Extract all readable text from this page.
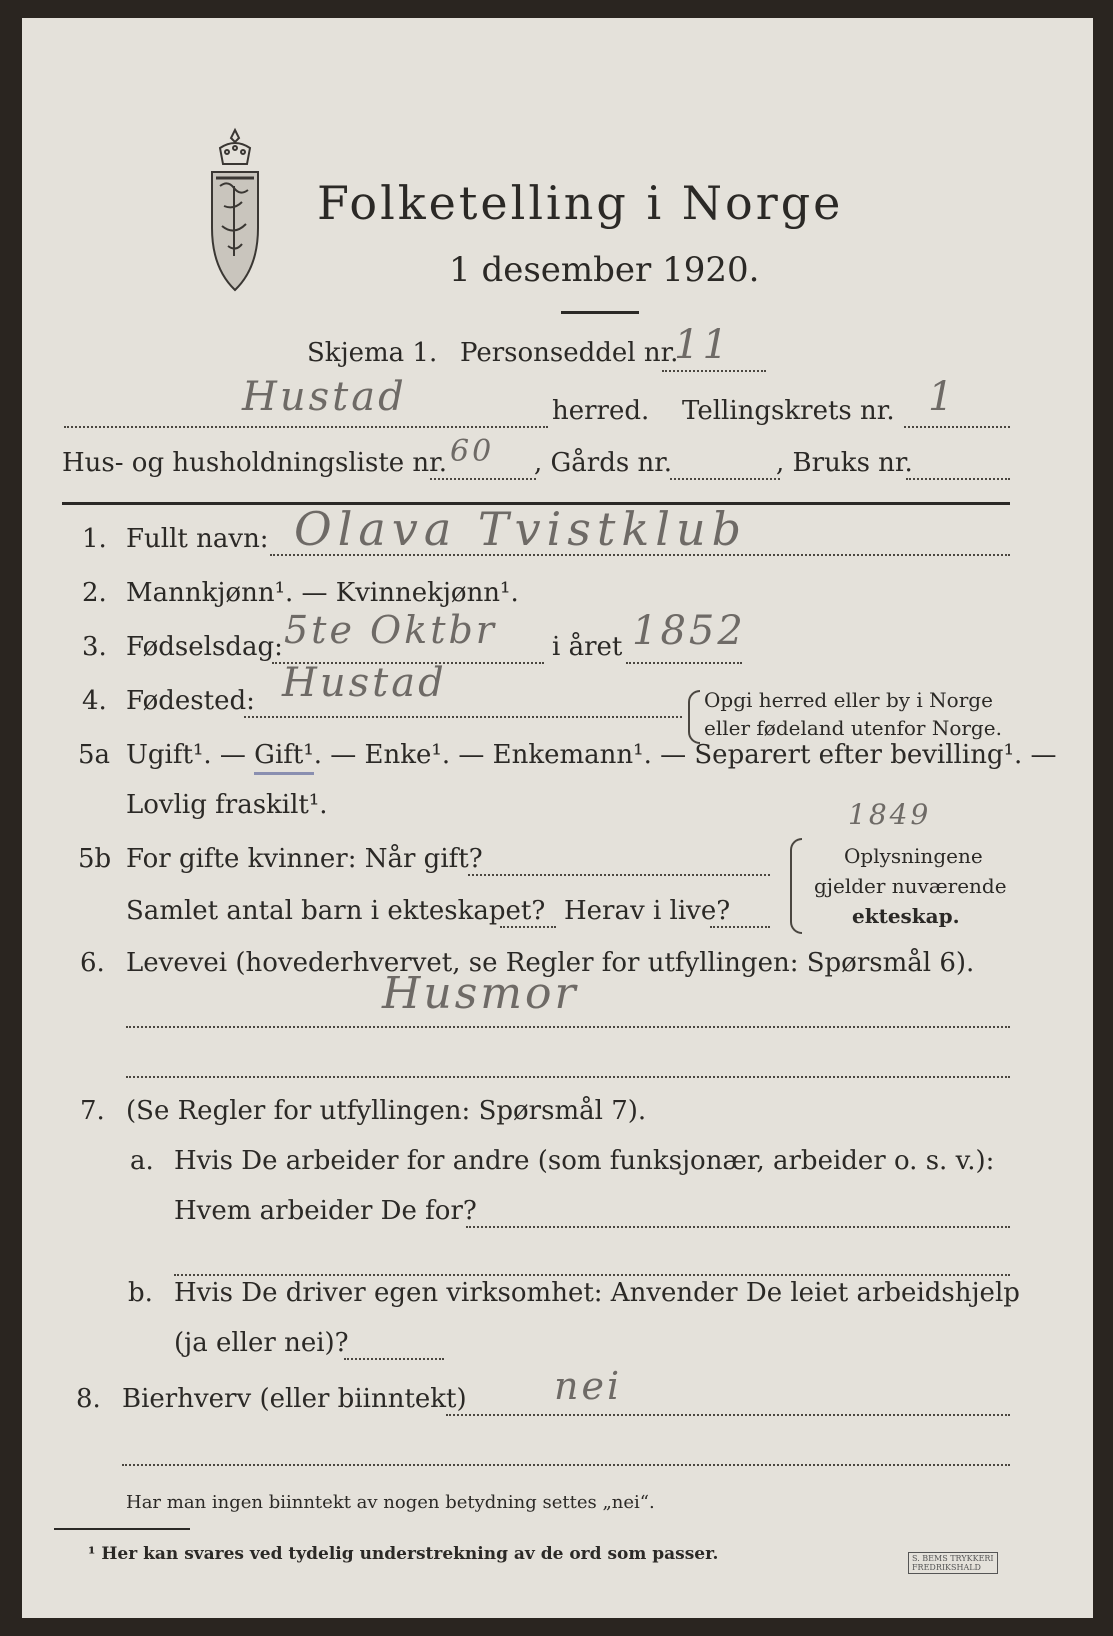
Folketelling i Norge
1 desember 1920.
Skjema 1. Personseddel nr.
11
Hustad	herred. Tellingskrets nr. 1
Hus- og husholdningsliste nr. 60 , Gårds nr.	, Bruks nr.
1. Fullt navn: Olava Tvistklub
2. Mannkjønn¹. — Kvinnekjønn¹.
3. Fødselsdag: 5te Oktbr i året 1852
4. Fødested: Hustad	Opgi herred eller by i Norge
eller fødeland utenfor Norge.
5a Ugift¹. — Gift¹. — Enke¹. — Enkemann¹. — Separert efter bevilling¹. —
Lovlig fraskilt¹.
5b For gifte kvinner: Når gift?
1849
Samlet antal barn i ekteskapet? Herav i live?
Oplysningene
gjelder nuværende
ekteskap.
6. Levevei (hovederhvervet, se Regler for utfyllingen: Spørsmål 6).
Husmor
7. (Se Regler for utfyllingen: Spørsmål 7).
a. Hvis De arbeider for andre (som funksjonær, arbeider o. s. v.):
Hvem arbeider De for?
b. Hvis De driver egen virksomhet: Anvender De leiet arbeidshjelp
(ja eller nei)?
8. Bierhverv (eller biinntekt) nei
Har man ingen biinntekt av nogen betydning settes „nei“.
¹ Her kan svares ved tydelig understrekning av de ord som passer.	S. BEMS TRYKKERI
FREDRIKSHALD
